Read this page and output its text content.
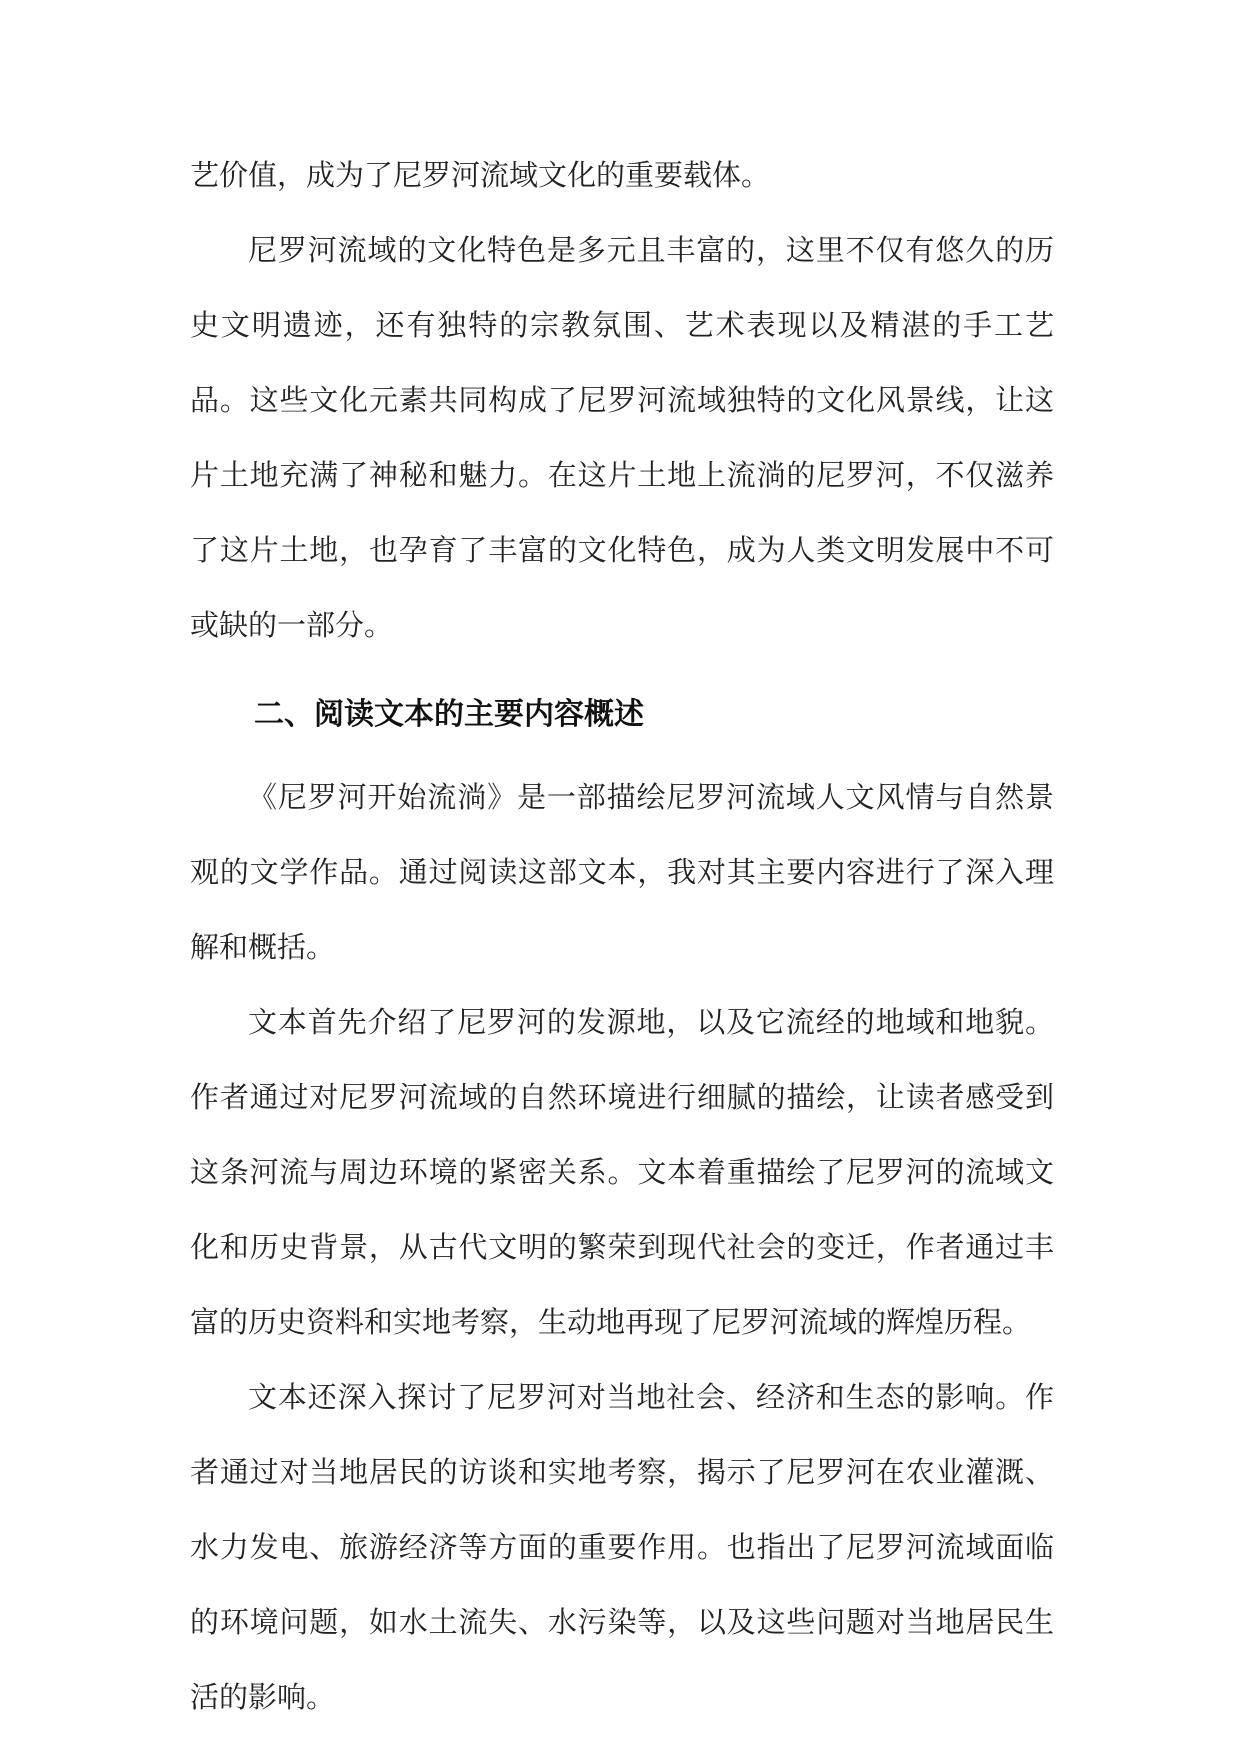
艺价值，成为了尼罗河流域文化的重要载体。

尼罗河流域的文化特色是多元且丰富的，这里不仅有悠久的历史文明遗迹，还有独特的宗教氛围、艺术表现以及精湛的手工艺品。这些文化元素共同构成了尼罗河流域独特的文化风景线，让这片土地充满了神秘和魅力。在这片土地上流淌的尼罗河，不仅滋养了这片土地，也孕育了丰富的文化特色，成为人类文明发展中不可或缺的一部分。

二、阅读文本的主要内容概述

《尼罗河开始流淌》是一部描绘尼罗河流域人文风情与自然景观的文学作品。通过阅读这部文本，我对其主要内容进行了深入理解和概括。

文本首先介绍了尼罗河的发源地，以及它流经的地域和地貌。作者通过对尼罗河流域的自然环境进行细腻的描绘，让读者感受到这条河流与周边环境的紧密关系。文本着重描绘了尼罗河的流域文化和历史背景，从古代文明的繁荣到现代社会的变迁，作者通过丰富的历史资料和实地考察，生动地再现了尼罗河流域的辉煌历程。

文本还深入探讨了尼罗河对当地社会、经济和生态的影响。作者通过对当地居民的访谈和实地考察，揭示了尼罗河在农业灌溉、水力发电、旅游经济等方面的重要作用。也指出了尼罗河流域面临的环境问题，如水土流失、水污染等，以及这些问题对当地居民生活的影响。
